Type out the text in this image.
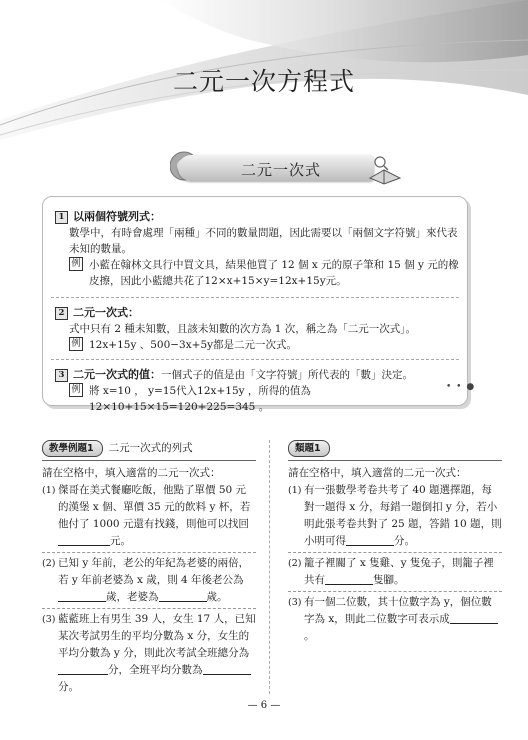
二元一次方程式
二元一次式
1 以兩個符號列式：
數學中，有時會處理「兩種」不同的數量問題，因此需要以「兩個文字符號」來代表未知的數量。
例 小藍在翰林文具行中買文具，結果他買了 12 個 x 元的原子筆和 15 個 y 元的橡皮擦，因此小藍總共花了12×x+15×y=12x+15y元。
2 二元一次式：
式中只有 2 種未知數，且該未知數的次方為 1 次，稱之為「二元一次式」。
例 12x+15y 、500−3x+5y都是二元一次式。
3 二元一次式的值：一個式子的值是由「文字符號」所代表的「數」決定。
例 將 x=10 ， y=15代入12x+15y ，所得的值為12×10+15×15=120+225=345 。
• • ●
教學例題1 二元一次式的列式
請在空格中，填入適當的二元一次式：
(1) 傑哥在美式餐廳吃飯，他點了單價 50 元的漢堡 x 個、單價 35 元的飲料 y 杯，若他付了 1000 元還有找錢，則他可以找回元。
(2) 已知 y 年前，老公的年紀為老婆的兩倍，若 y 年前老婆為 x 歲，則 4 年後老公為歲，老婆為	歲。
(3) 藍藍班上有男生 39 人，女生 17 人，已知某次考試男生的平均分數為 x 分，女生的平均分數為 y 分，則此次考試全班總分為分，全班平均分數為分。
類題1
請在空格中，填入適當的二元一次式：
(1) 有一張數學考卷共考了 40 題選擇題，每對一題得 x 分，每錯一題倒扣 y 分，若小明此張考卷共對了 25 題，答錯 10 題，則小明可得	分。
(2) 籠子裡關了 x 隻雞、y 隻兔子，則籠子裡共有	隻腳。
(3) 有一個二位數，其十位數字為 y，個位數字為 x，則此二位數字可表示成。
— 6 —
